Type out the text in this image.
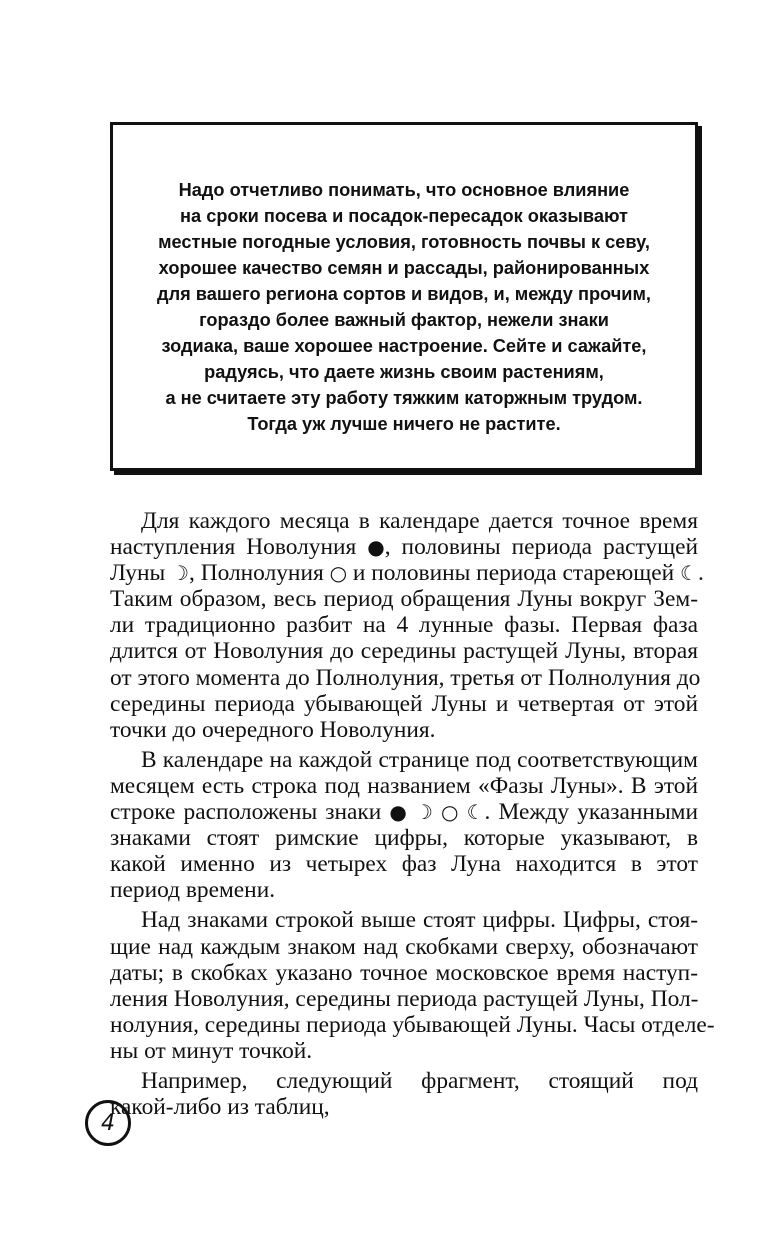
Надо отчетливо понимать, что основное влияние
на сроки посева и посадок-пересадок оказывают
местные погодные условия, готовность почвы к севу,
хорошее качество семян и рассады, районированных
для вашего региона сортов и видов, и, между прочим,
гораздо более важный фактор, нежели знаки
зодиака, ваше хорошее настроение. Сейте и сажайте,
радуясь, что даете жизнь своим растениям,
а не считаете эту работу тяжким каторжным трудом.
Тогда уж лучше ничего не растите.
Для каждого месяца в календаре дается точное время
наступления Новолуния ●, половины периода растущей
Луны ☽, Полнолуния ○ и половины периода стареющей ☾.
Таким образом, весь период обращения Луны вокруг Зем-
ли традиционно разбит на 4 лунные фазы. Первая фаза
длится от Новолуния до середины растущей Луны, вторая
от этого момента до Полнолуния, третья от Полнолуния до
середины периода убывающей Луны и четвертая от этой
точки до очередного Новолуния.
В календаре на каждой странице под соответствующим
месяцем есть строка под названием «Фазы Луны». В этой
строке расположены знаки ● ☽ ○ ☾. Между указанными
знаками стоят римские цифры, которые указывают, в
какой именно из четырех фаз Луна находится в этот
период времени.
Над знаками строкой выше стоят цифры. Цифры, стоя-
щие над каждым знаком над скобками сверху, обозначают
даты; в скобках указано точное московское время наступ-
ления Новолуния, середины периода растущей Луны, Пол-
нолуния, середины периода убывающей Луны. Часы отделе-
ны от минут точкой.
Например, следующий фрагмент, стоящий под
какой-либо из таблиц,
4
